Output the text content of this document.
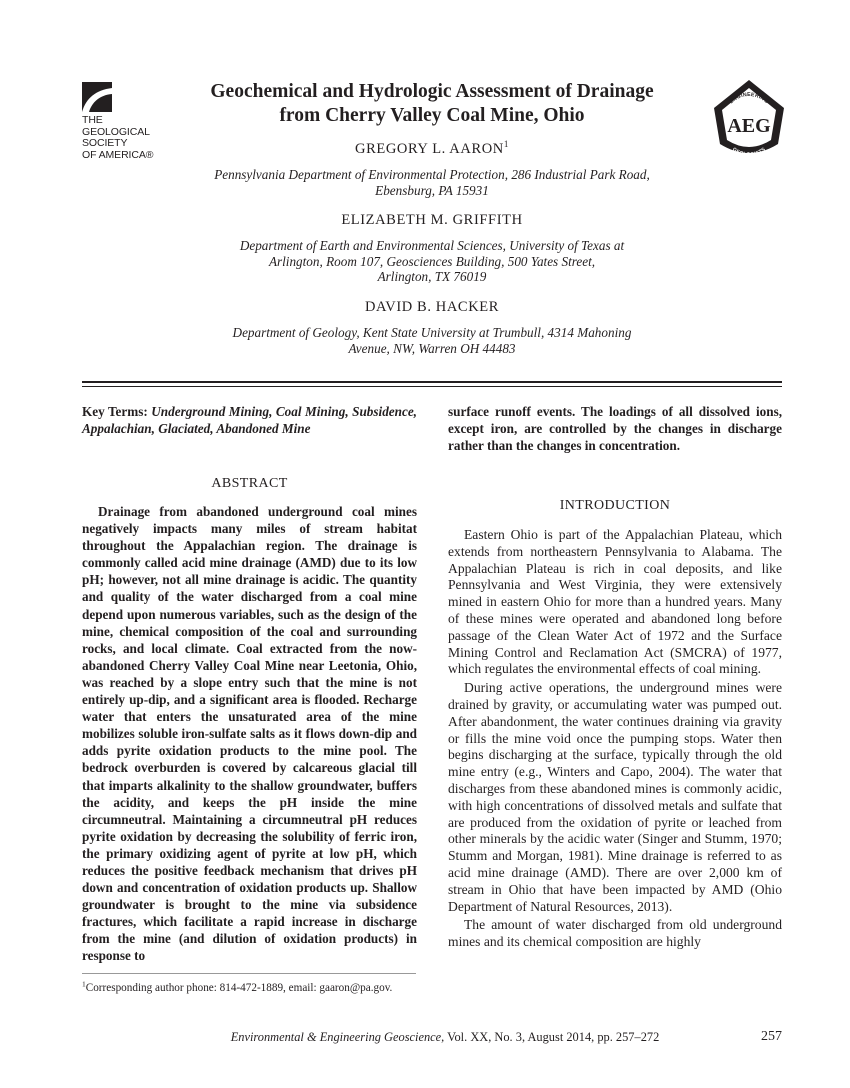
THE
GEOLOGICAL
SOCIETY
OF AMERICA®
ENGINEERING
GEOLOGISTS
AEG
Geochemical and Hydrologic Assessment of Drainage
from Cherry Valley Coal Mine, Ohio
GREGORY L. AARON$^1$
Pennsylvania Department of Environmental Protection, 286 Industrial Park Road,
Ebensburg, PA 15931
ELIZABETH M. GRIFFITH
Department of Earth and Environmental Sciences, University of Texas at
Arlington, Room 107, Geosciences Building, 500 Yates Street,
Arlington, TX 76019
DAVID B. HACKER
Department of Geology, Kent State University at Trumbull, 4314 Mahoning
Avenue, NW, Warren OH 44483
Key Terms: Underground Mining, Coal Mining, Subsidence, Appalachian, Glaciated, Abandoned Mine
ABSTRACT
Drainage from abandoned underground coal mines negatively impacts many miles of stream habitat throughout the Appalachian region. The drainage is commonly called acid mine drainage (AMD) due to its low pH; however, not all mine drainage is acidic. The quantity and quality of the water discharged from a coal mine depend upon numerous variables, such as the design of the mine, chemical composition of the coal and surrounding rocks, and local climate. Coal extracted from the now-abandoned Cherry Valley Coal Mine near Leetonia, Ohio, was reached by a slope entry such that the mine is not entirely up-dip, and a significant area is flooded. Recharge water that enters the unsaturated area of the mine mobilizes soluble iron-sulfate salts as it flows down-dip and adds pyrite oxidation products to the mine pool. The bedrock overburden is covered by calcareous glacial till that imparts alkalinity to the shallow groundwater, buffers the acidity, and keeps the pH inside the mine circumneutral. Maintaining a circumneutral pH reduces pyrite oxidation by decreasing the solubility of ferric iron, the primary oxidizing agent of pyrite at low pH, which reduces the positive feedback mechanism that drives pH down and concentration of oxidation products up. Shallow groundwater is brought to the mine via subsidence fractures, which facilitate a rapid increase in discharge from the mine (and dilution of oxidation products) in response to
$^1$Corresponding author phone: 814-472-1889, email: gaaron@pa.gov.
surface runoff events. The loadings of all dissolved ions, except iron, are controlled by the changes in discharge rather than the changes in concentration.
INTRODUCTION

Eastern Ohio is part of the Appalachian Plateau, which extends from northeastern Pennsylvania to Alabama. The Appalachian Plateau is rich in coal deposits, and like Pennsylvania and West Virginia, they were extensively mined in eastern Ohio for more than a hundred years. Many of these mines were operated and abandoned long before passage of the Clean Water Act of 1972 and the Surface Mining Control and Reclamation Act (SMCRA) of 1977, which regulates the environmental effects of coal mining.

During active operations, the underground mines were drained by gravity, or accumulating water was pumped out. After abandonment, the water continues draining via gravity or fills the mine void once the pumping stops. Water then begins discharging at the surface, typically through the old mine entry (e.g., Winters and Capo, 2004). The water that discharges from these abandoned mines is commonly acidic, with high concentrations of dissolved metals and sulfate that are produced from the oxidation of pyrite or leached from other minerals by the acidic water (Singer and Stumm, 1970; Stumm and Morgan, 1981). Mine drainage is referred to as acid mine drainage (AMD). There are over 2,000 km of stream in Ohio that have been impacted by AMD (Ohio Department of Natural Resources, 2013).

The amount of water discharged from old underground mines and its chemical composition are highly

Environmental & Engineering Geoscience, Vol. XX, No. 3, August 2014, pp. 257–272	257
